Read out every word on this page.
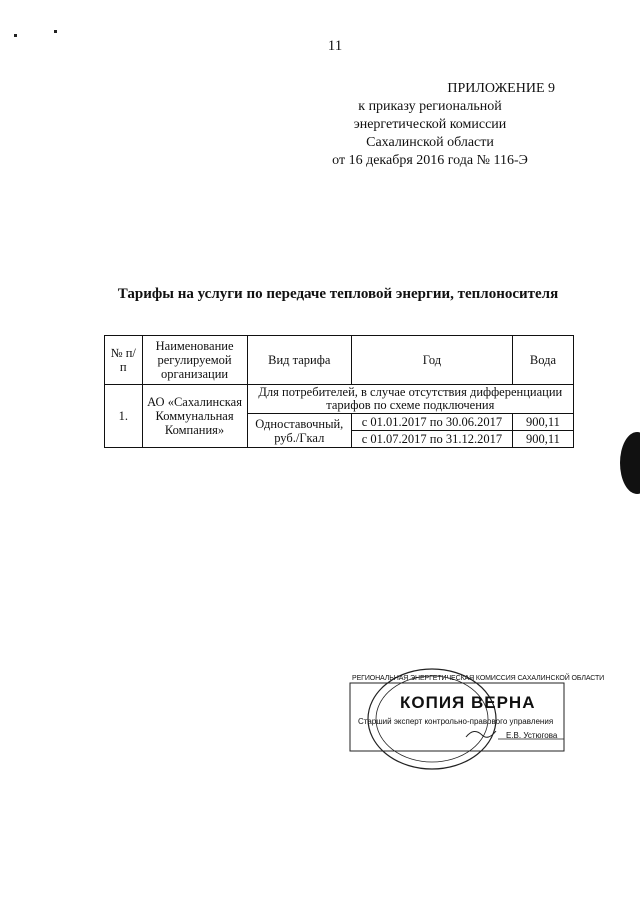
11
ПРИЛОЖЕНИЕ 9
к приказу региональной
энергетической комиссии
Сахалинской области
от 16 декабря 2016 года № 116-Э
Тарифы на услуги по передаче тепловой энергии, теплоносителя
№ п/п	Наименование регулируемой организации	Вид тарифа	Год	Вода
1.	АО «Сахалинская Коммунальная Компания»	Для потребителей, в случае отсутствия дифференциации тарифов по схеме подключения		
		Одноставочный, руб./Гкал	с 01.01.2017 по 30.06.2017	900,11
			с 01.07.2017 по 31.12.2017	900,11
РЕГИОНАЛЬНАЯ ЭНЕРГЕТИЧЕСКАЯ КОМИССИЯ САХАЛИНСКОЙ ОБЛАСТИ
КОПИЯ ВЕРНА
Старший эксперт контрольно-правового управления
Е.В. Устюгова
